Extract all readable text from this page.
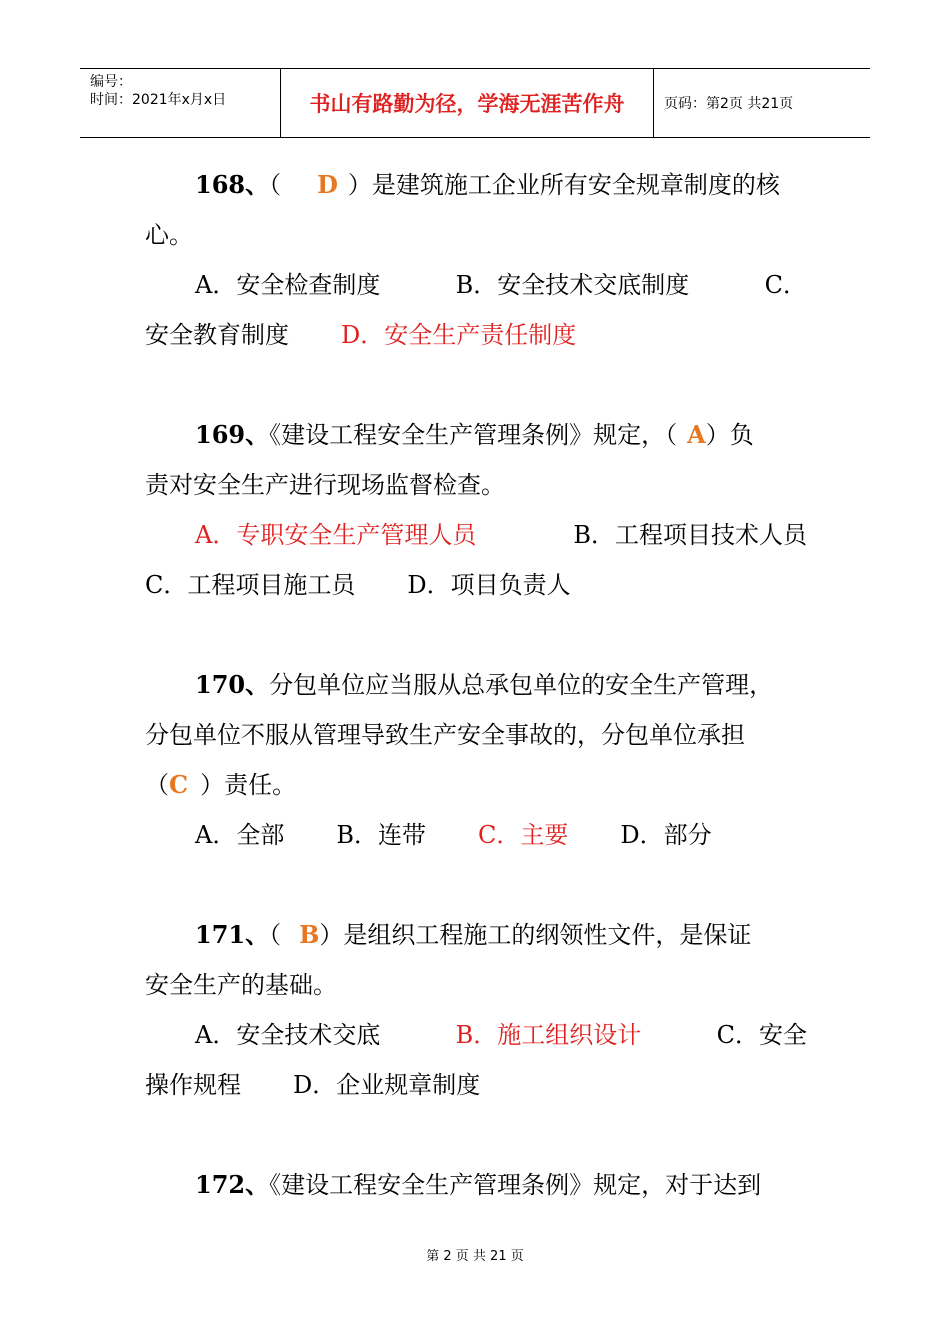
编号：
时间：2021年x月x日	书山有路勤为径，学海无涯苦作舟	页码：第2页 共21页
168、（ D ）是建筑施工企业所有安全规章制度的核
心。
A．安全检查制度	B．安全技术交底制度	C．
安全教育制度 D．安全生产责任制度
169、《建设工程安全生产管理条例》规定，（ A）负
责对安全生产进行现场监督检查。
A．专职安全生产管理人员	B．工程项目技术人员
C．工程项目施工员 D．项目负责人
170、分包单位应当服从总承包单位的安全生产管理，
分包单位不服从管理导致生产安全事故的，分包单位承担
（C ）责任。
A．全部 B．连带 C．主要 D．部分
171、（ B）是组织工程施工的纲领性文件，是保证
安全生产的基础。
A．安全技术交底	B．施工组织设计	C．安全
操作规程 D．企业规章制度
172、《建设工程安全生产管理条例》规定，对于达到
第 2 页 共 21 页
